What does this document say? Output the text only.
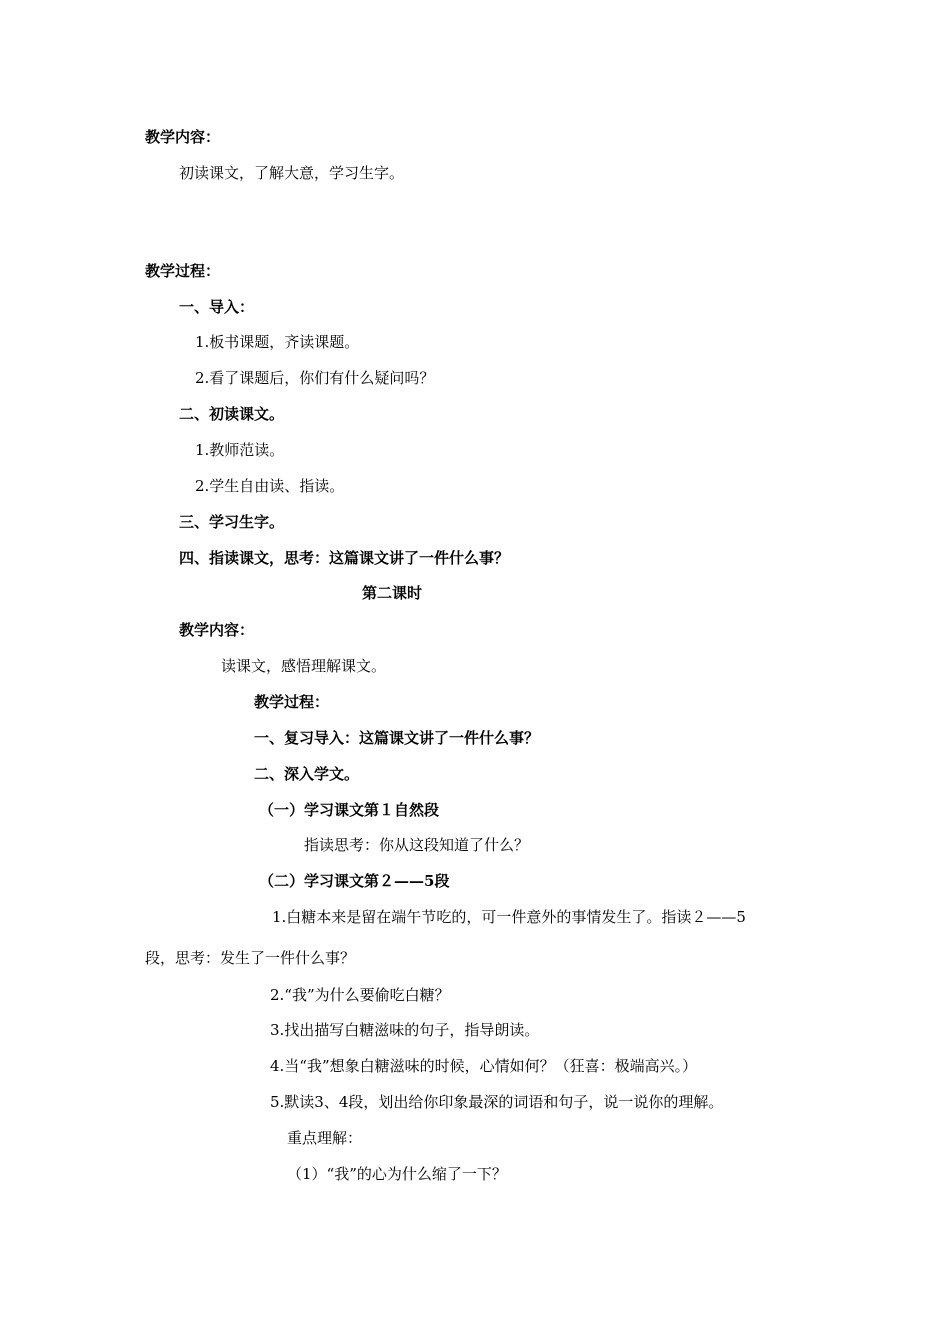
教学内容：
初读课文，了解大意，学习生字。
教学过程：
一、导入：
1.板书课题，齐读课题。
2.看了课题后，你们有什么疑问吗？
二、初读课文。
1.教师范读。
2.学生自由读、指读。
三、学习生字。
四、指读课文，思考：这篇课文讲了一件什么事？
第二课时
教学内容：
读课文，感悟理解课文。
教学过程：
一、复习导入：这篇课文讲了一件什么事？
二、深入学文。
（一）学习课文第１自然段
指读思考：你从这段知道了什么？
（二）学习课文第２——5段
1.白糖本来是留在端午节吃的，可一件意外的事情发生了。指读２——5
段，思考：发生了一件什么事？
2.“我”为什么要偷吃白糖？
3.找出描写白糖滋味的句子，指导朗读。
4.当“我”想象白糖滋味的时候，心情如何？（狂喜：极端高兴。）
5.默读3、4段，划出给你印象最深的词语和句子，说一说你的理解。
重点理解：
（1）“我”的心为什么缩了一下？
